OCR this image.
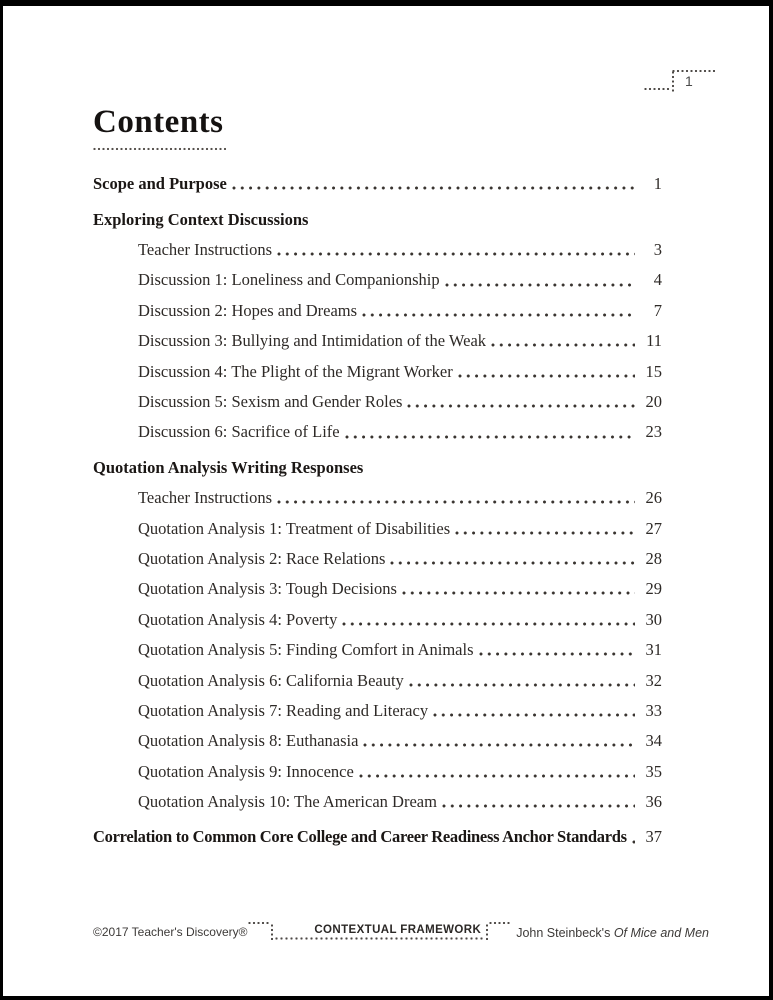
1
Contents
Scope and Purpose	1
Exploring Context Discussions
Teacher Instructions	3
Discussion 1: Loneliness and Companionship	4
Discussion 2: Hopes and Dreams	7
Discussion 3: Bullying and Intimidation of the Weak	11
Discussion 4: The Plight of the Migrant Worker	15
Discussion 5: Sexism and Gender Roles	20
Discussion 6: Sacrifice of Life	23
Quotation Analysis Writing Responses
Teacher Instructions	26
Quotation Analysis 1: Treatment of Disabilities	27
Quotation Analysis 2: Race Relations	28
Quotation Analysis 3: Tough Decisions	29
Quotation Analysis 4: Poverty	30
Quotation Analysis 5: Finding Comfort in Animals	31
Quotation Analysis 6: California Beauty	32
Quotation Analysis 7: Reading and Literacy	33
Quotation Analysis 8: Euthanasia	34
Quotation Analysis 9: Innocence	35
Quotation Analysis 10: The American Dream	36
Correlation to Common Core College and Career Readiness Anchor Standards	37
©2017 Teacher's Discovery®	CONTEXTUAL FRAMEWORK	John Steinbeck's Of Mice and Men
